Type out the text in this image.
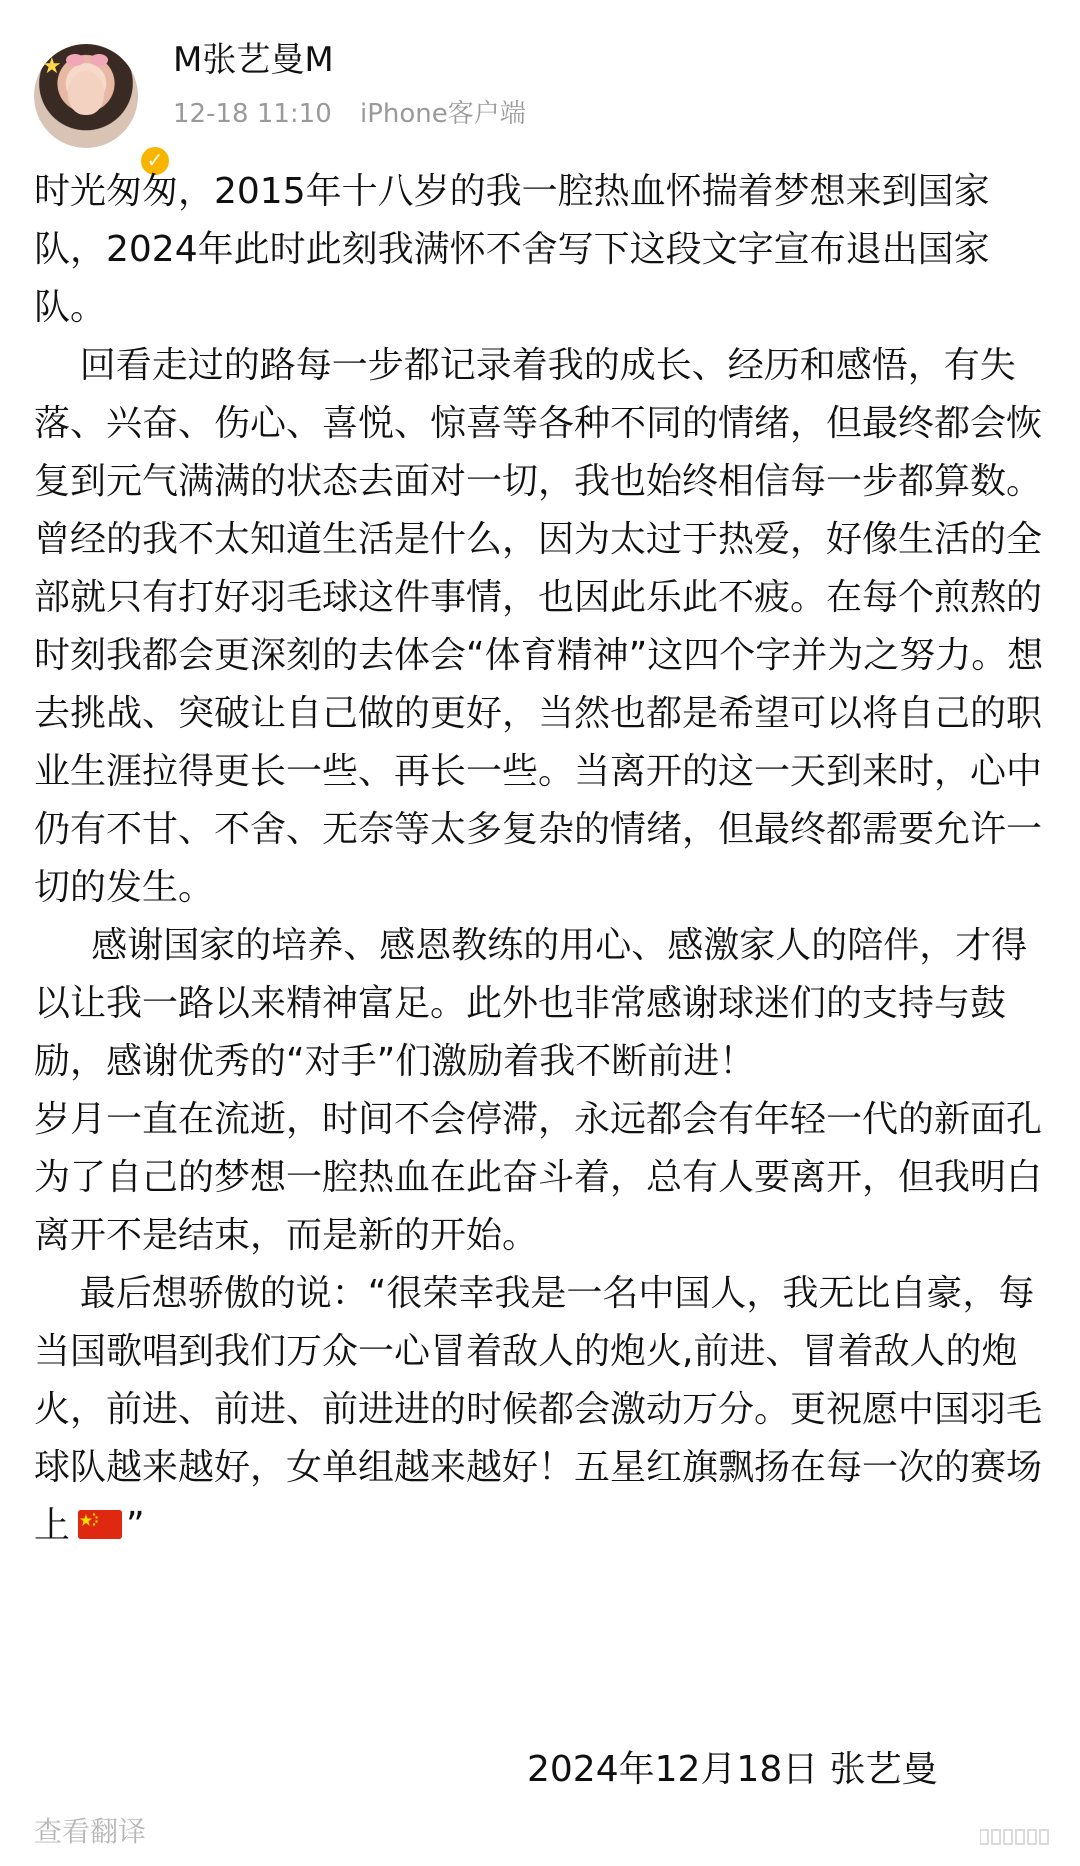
★
✓
M张艺曼M
12-18 11:10 iPhone客户端

时光匆匆，2015年十八岁的我一腔热血怀揣着梦想来到国家队，2024年此时此刻我满怀不舍写下这段文字宣布退出国家队。

回看走过的路每一步都记录着我的成长、经历和感悟，有失落、兴奋、伤心、喜悦、惊喜等各种不同的情绪，但最终都会恢复到元气满满的状态去面对一切，我也始终相信每一步都算数。曾经的我不太知道生活是什么，因为太过于热爱，好像生活的全部就只有打好羽毛球这件事情，也因此乐此不疲。在每个煎熬的时刻我都会更深刻的去体会“体育精神”这四个字并为之努力。想去挑战、突破让自己做的更好，当然也都是希望可以将自己的职业生涯拉得更长一些、再长一些。当离开的这一天到来时，心中仍有不甘、不舍、无奈等太多复杂的情绪，但最终都需要允许一切的发生。

感谢国家的培养、感恩教练的用心、感激家人的陪伴，才得以让我一路以来精神富足。此外也非常感谢球迷们的支持与鼓励，感谢优秀的“对手”们激励着我不断前进！

岁月一直在流逝，时间不会停滞，永远都会有年轻一代的新面孔为了自己的梦想一腔热血在此奋斗着，总有人要离开，但我明白离开不是结束，而是新的开始。

最后想骄傲的说：“很荣幸我是一名中国人，我无比自豪，每当国歌唱到我们万众一心冒着敌人的炮火,前进、冒着敌人的炮火，前进、前进、前进进的时候都会激动万分。更祝愿中国羽毛球队越来越好，女单组越来越好！五星红旗飘扬在每一次的赛场上 ”

2024年12月18日 张艺曼
查看翻译
